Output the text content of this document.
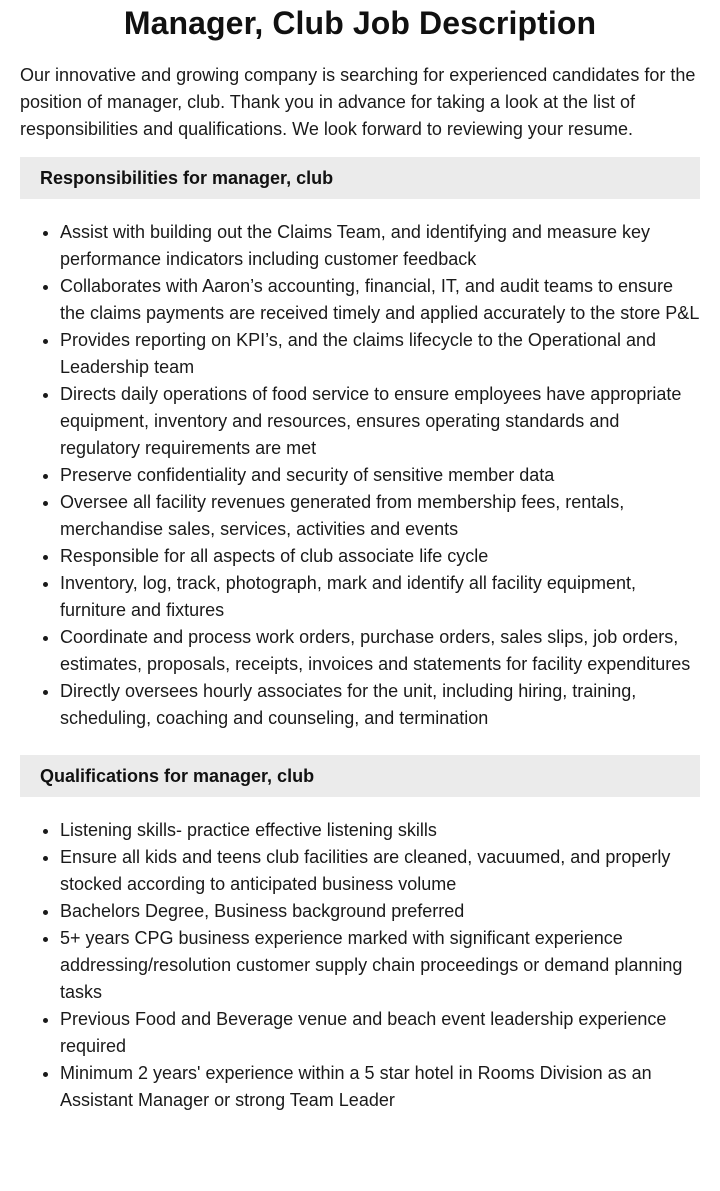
Manager, Club Job Description

Our innovative and growing company is searching for experienced candidates for the position of manager, club. Thank you in advance for taking a look at the list of responsibilities and qualifications. We look forward to reviewing your resume.

Responsibilities for manager, club
• Assist with building out the Claims Team, and identifying and measure key performance indicators including customer feedback
• Collaborates with Aaron’s accounting, financial, IT, and audit teams to ensure the claims payments are received timely and applied accurately to the store P&L
• Provides reporting on KPI’s, and the claims lifecycle to the Operational and Leadership team
• Directs daily operations of food service to ensure employees have appropriate equipment, inventory and resources, ensures operating standards and regulatory requirements are met
• Preserve confidentiality and security of sensitive member data
• Oversee all facility revenues generated from membership fees, rentals, merchandise sales, services, activities and events
• Responsible for all aspects of club associate life cycle
• Inventory, log, track, photograph, mark and identify all facility equipment, furniture and fixtures
• Coordinate and process work orders, purchase orders, sales slips, job orders, estimates, proposals, receipts, invoices and statements for facility expenditures
• Directly oversees hourly associates for the unit, including hiring, training, scheduling, coaching and counseling, and termination
Qualifications for manager, club
• Listening skills- practice effective listening skills
• Ensure all kids and teens club facilities are cleaned, vacuumed, and properly stocked according to anticipated business volume
• Bachelors Degree, Business background preferred
• 5+ years CPG business experience marked with significant experience addressing/resolution customer supply chain proceedings or demand planning tasks
• Previous Food and Beverage venue and beach event leadership experience required
• Minimum 2 years' experience within a 5 star hotel in Rooms Division as an Assistant Manager or strong Team Leader
